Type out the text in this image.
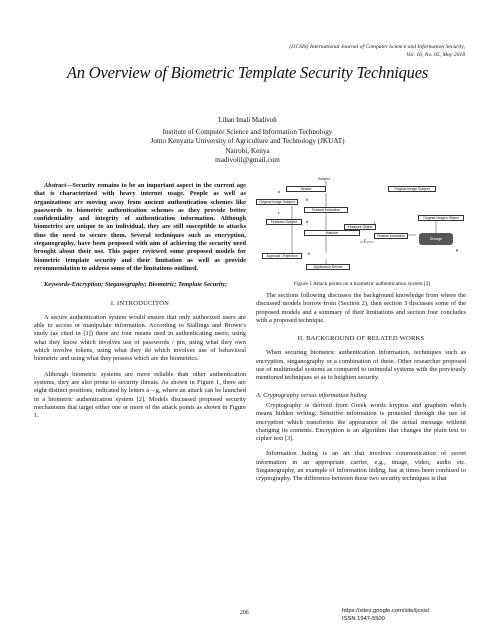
(IJCSIS) International Journal of Computer Science and Information Security,
Vol. 16, No. 05, May 2018
An Overview of Biometric Template Security Techniques
Lilian Imali Madivoli
Institute of Computer Science and Information Technology
Jomo Kenyatta University of Agriculture and Technology (JKUAT)
Nairobi, Kenya
madivolil@gmail.com

Abstract—Security remains to be an important aspect in the current age that is characterized with heavy internet usage. People as well as organizations are moving away from ancient authentication schemes like passwords to biometric authentication schemes as they provide better confidentiality and integrity of authentication information. Although biometrics are unique to an individual, they are still susceptible to attacks thus the need to secure them. Several techniques such as encryption, steganography, have been proposed with aim of achieving the security need brought about their use. This paper reviewed some proposed models for biometric template security and their limitation as well as provide recommendation to address some of the limitations outlined.

Keywords-Encryption; Steganography; Biometric; Template Security;

I. INTRODUCITON

A secure authentication system would ensure that only authorized users are able to access or manipulate information. According to Stallings and Brown’s study (as cited in [1]) there are four means used in authenticating users; using what they know which involves use of passwords / pin, using what they own which involve tokens, using what they do which involves use of behavioral biometric and using what they possess which are the biometrics.

Although biometric systems are more reliable than other authentication systems, they are also prone to security threats. As shown in Figure 1, there are eight distinct positions, indicated by letters a – g, where an attack can be launched in a biometric authentication system [2]. Models discussed proposed security mechanisms that target either one or more of the attack points as shown in Figure 1.

Subject
Sensor	Original Image Subject
Original Image Subject
Feature extraction
Features Subject
Features Object
Feature extraction
Matcher
Original Images Object
Storage
Approval / Rejection
Application Device
a
b
c
d
e
f
g
h
Figure 1 Attack points on a biometric authentication system [2]

The sections following discusses the background knowledge from where the discussed models borrow from (Section 2), then section 3 discusses some of the proposed models and a summary of their limitations and section four concludes with a proposed technique.

II. BACKGROUND OF RELATED WORKS

When securing biometric authentication information, techniques such as encryption, steganography or a combination of these. Other researcher proposed use of multimodal systems as compared to unimodal systems with the previously mentioned techniques so as to heighten security.

A. Cryptography versus information hiding

Cryptography is derived from Greek words kryptos and graphein which means hidden writing. Sensitive information is protected through the use of encryption which transforms the appearance of the actual message without changing its contents. Encryption is an algorithm that changes the plain text to cipher text [3].

Information hiding is an art that involves communication of secret information in an appropriate carrier, e.g., image, video, audio etc. Steganography, an example of information hiding, has at times been confused to cryptography. The difference between these two security techniques is that

206	https://sites.google.com/site/ijcsis/
ISSN 1947-5500
